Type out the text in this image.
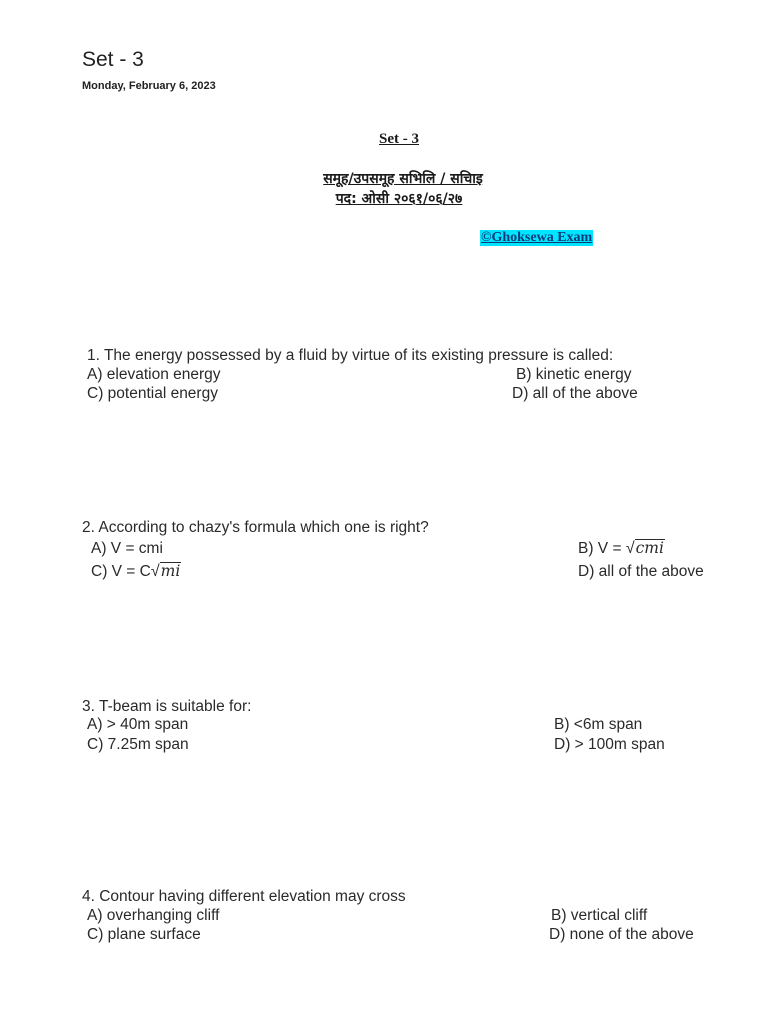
Set - 3
Monday, February 6, 2023
Set - 3
समूह/उपसमूह सभिलि / सचिाइ
पद: ओसी २०६१/०६/२७
©Ghoksewa Exam
1. The energy possessed by a fluid by virtue of its existing pressure is called:
A) elevation energy	B) kinetic energy
C) potential energy	D) all of the above
2. According to chazy's formula which one is right?
A) V = cmi	B) V = √cmi
C) V = C√mi	D) all of the above
3. T-beam is suitable for:
A) > 40m span	B) <6m span
C) 7.25m span	D) > 100m span
4. Contour having different elevation may cross
A) overhanging cliff	B) vertical cliff
C) plane surface	D) none of the above
